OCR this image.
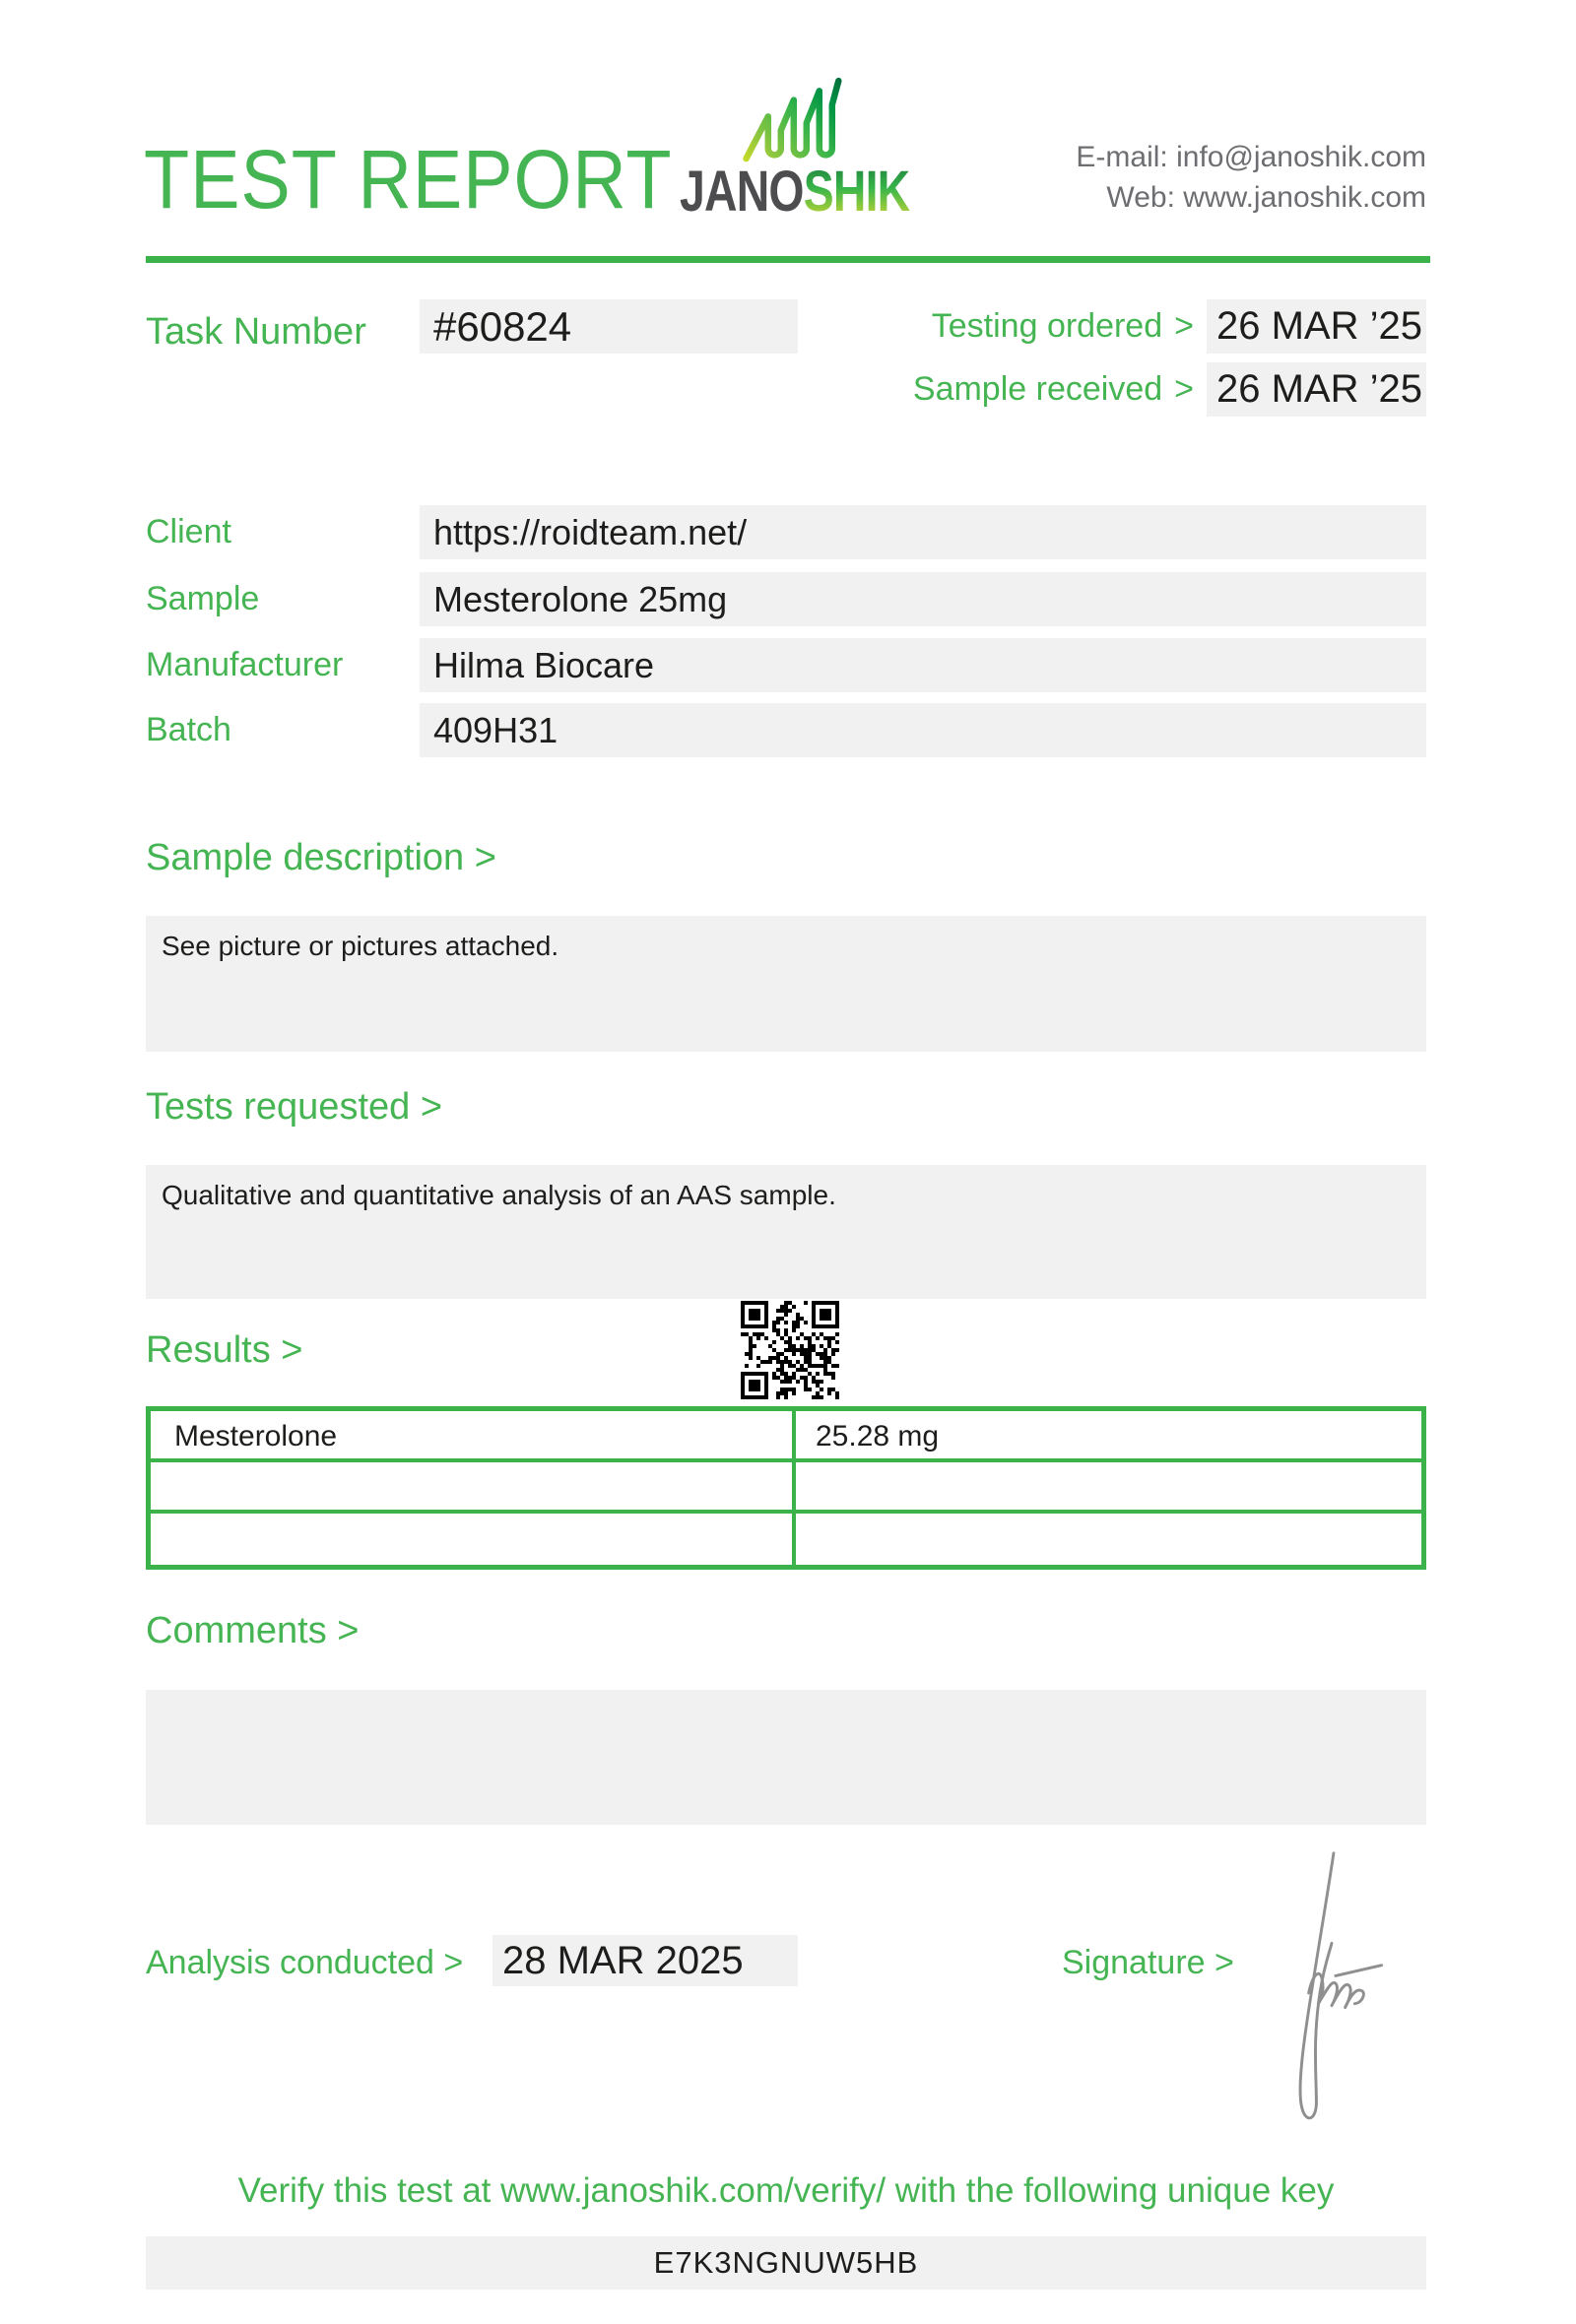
TEST REPORT JANOSHIK
E-mail: info@janoshik.com
Web: www.janoshik.com
Task Number	#60824	Testing ordered > 26 MAR ’25
Sample received > 26 MAR ’25
Client	https://roidteam.net/
Sample	Mesterolone 25mg
Manufacturer	Hilma Biocare
Batch	409H31
Sample description >
See picture or pictures attached.
Tests requested >
Qualitative and quantitative analysis of an AAS sample.
Results >
Mesterolone	25.28 mg
Comments >
Analysis conducted > 28 MAR 2025	Signature >
Verify this test at www.janoshik.com/verify/ with the following unique key
E7K3NGNUW5HB
